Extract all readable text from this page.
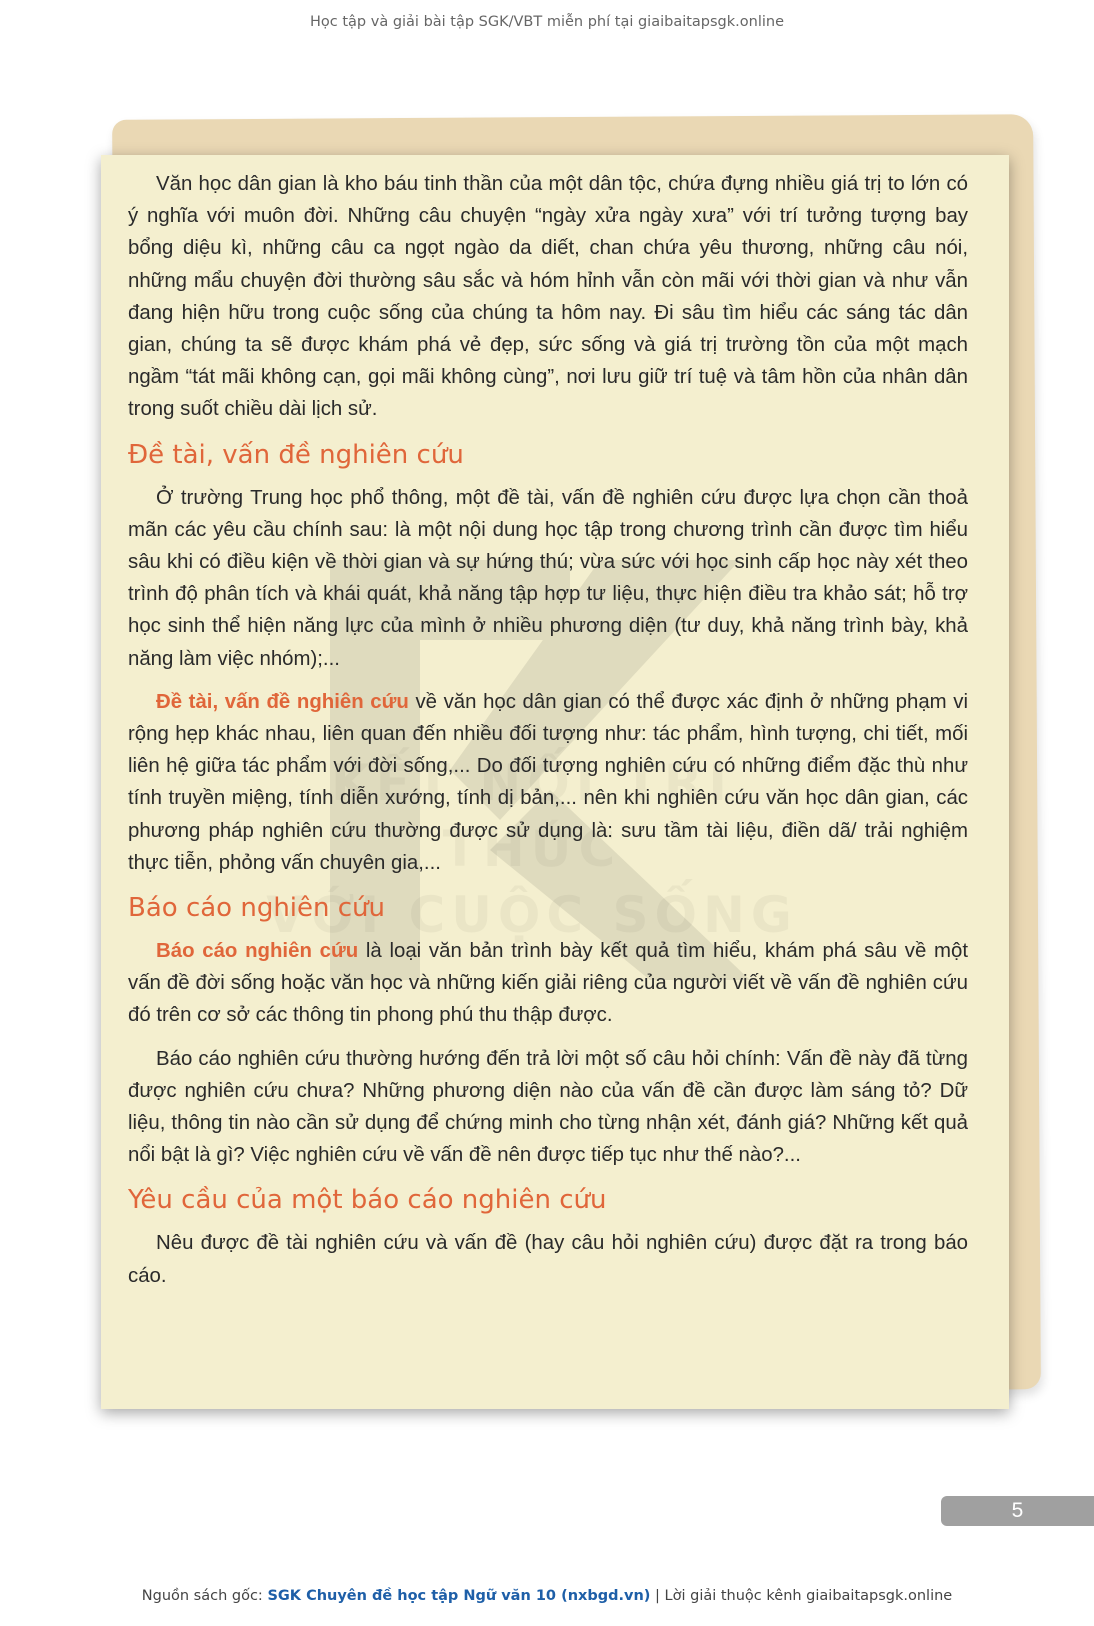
Học tập và giải bài tập SGK/VBT miễn phí tại giaibaitapsgk.online

Văn học dân gian là kho báu tinh thần của một dân tộc, chứa đựng nhiều giá trị to lớn có ý nghĩa với muôn đời. Những câu chuyện “ngày xửa ngày xưa” với trí tưởng tượng bay bổng diệu kì, những câu ca ngọt ngào da diết, chan chứa yêu thương, những câu nói, những mẩu chuyện đời thường sâu sắc và hóm hỉnh vẫn còn mãi với thời gian và như vẫn đang hiện hữu trong cuộc sống của chúng ta hôm nay. Đi sâu tìm hiểu các sáng tác dân gian, chúng ta sẽ được khám phá vẻ đẹp, sức sống và giá trị trường tồn của một mạch ngầm “tát mãi không cạn, gọi mãi không cùng”, nơi lưu giữ trí tuệ và tâm hồn của nhân dân trong suốt chiều dài lịch sử.

Đề tài, vấn đề nghiên cứu

Ở trường Trung học phổ thông, một đề tài, vấn đề nghiên cứu được lựa chọn cần thoả mãn các yêu cầu chính sau: là một nội dung học tập trong chương trình cần được tìm hiểu sâu khi có điều kiện về thời gian và sự hứng thú; vừa sức với học sinh cấp học này xét theo trình độ phân tích và khái quát, khả năng tập hợp tư liệu, thực hiện điều tra khảo sát; hỗ trợ học sinh thể hiện năng lực của mình ở nhiều phương diện (tư duy, khả năng trình bày, khả năng làm việc nhóm);...

Đề tài, vấn đề nghiên cứu về văn học dân gian có thể được xác định ở những phạm vi rộng hẹp khác nhau, liên quan đến nhiều đối tượng như: tác phẩm, hình tượng, chi tiết, mối liên hệ giữa tác phẩm với đời sống,... Do đối tượng nghiên cứu có những điểm đặc thù như tính truyền miệng, tính diễn xướng, tính dị bản,... nên khi nghiên cứu văn học dân gian, các phương pháp nghiên cứu thường được sử dụng là: sưu tầm tài liệu, điền dã/ trải nghiệm thực tiễn, phỏng vấn chuyên gia,...

Báo cáo nghiên cứu

Báo cáo nghiên cứu là loại văn bản trình bày kết quả tìm hiểu, khám phá sâu về một vấn đề đời sống hoặc văn học và những kiến giải riêng của người viết về vấn đề nghiên cứu đó trên cơ sở các thông tin phong phú thu thập được.

Báo cáo nghiên cứu thường hướng đến trả lời một số câu hỏi chính: Vấn đề này đã từng được nghiên cứu chưa? Những phương diện nào của vấn đề cần được làm sáng tỏ? Dữ liệu, thông tin nào cần sử dụng để chứng minh cho từng nhận xét, đánh giá? Những kết quả nổi bật là gì? Việc nghiên cứu về vấn đề nên được tiếp tục như thế nào?...

Yêu cầu của một báo cáo nghiên cứu

Nêu được đề tài nghiên cứu và vấn đề (hay câu hỏi nghiên cứu) được đặt ra trong báo cáo.

5
Nguồn sách gốc: SGK Chuyên đề học tập Ngữ văn 10 (nxbgd.vn) | Lời giải thuộc kênh giaibaitapsgk.online
